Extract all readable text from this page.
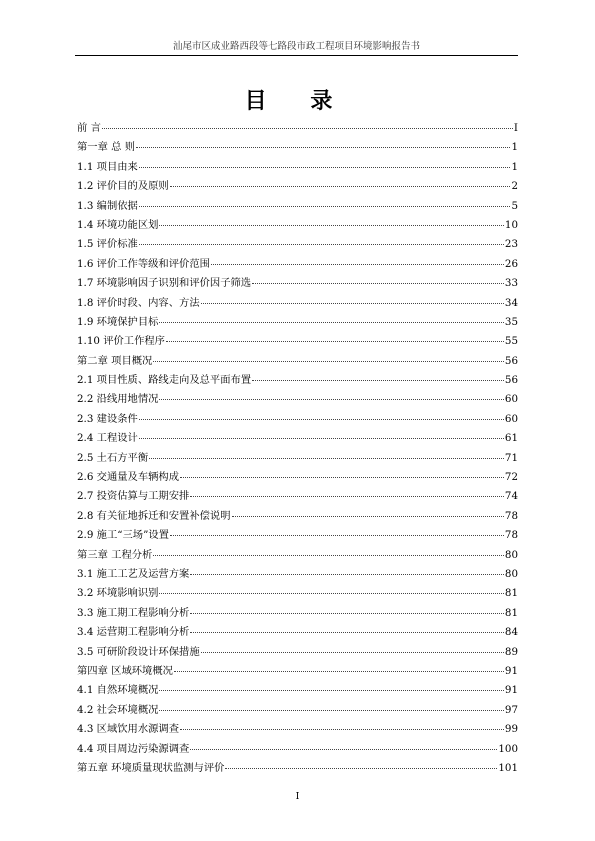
汕尾市区成业路西段等七路段市政工程项目环境影响报告书
目 录
前 言	I
第一章 总 则	1
1.1 项目由来	1
1.2 评价目的及原则	2
1.3 编制依据	5
1.4 环境功能区划	10
1.5 评价标准	23
1.6 评价工作等级和评价范围	26
1.7 环境影响因子识别和评价因子筛选	33
1.8 评价时段、内容、方法	34
1.9 环境保护目标	35
1.10 评价工作程序	55
第二章 项目概况	56
2.1 项目性质、路线走向及总平面布置	56
2.2 沿线用地情况	60
2.3 建设条件	60
2.4 工程设计	61
2.5 土石方平衡	71
2.6 交通量及车辆构成	72
2.7 投资估算与工期安排	74
2.8 有关征地拆迁和安置补偿说明	78
2.9 施工“三场”设置	78
第三章 工程分析	80
3.1 施工工艺及运营方案	80
3.2 环境影响识别	81
3.3 施工期工程影响分析	81
3.4 运营期工程影响分析	84
3.5 可研阶段设计环保措施	89
第四章 区域环境概况	91
4.1 自然环境概况	91
4.2 社会环境概况	97
4.3 区域饮用水源调查	99
4.4 项目周边污染源调查	100
第五章 环境质量现状监测与评价	101
I
